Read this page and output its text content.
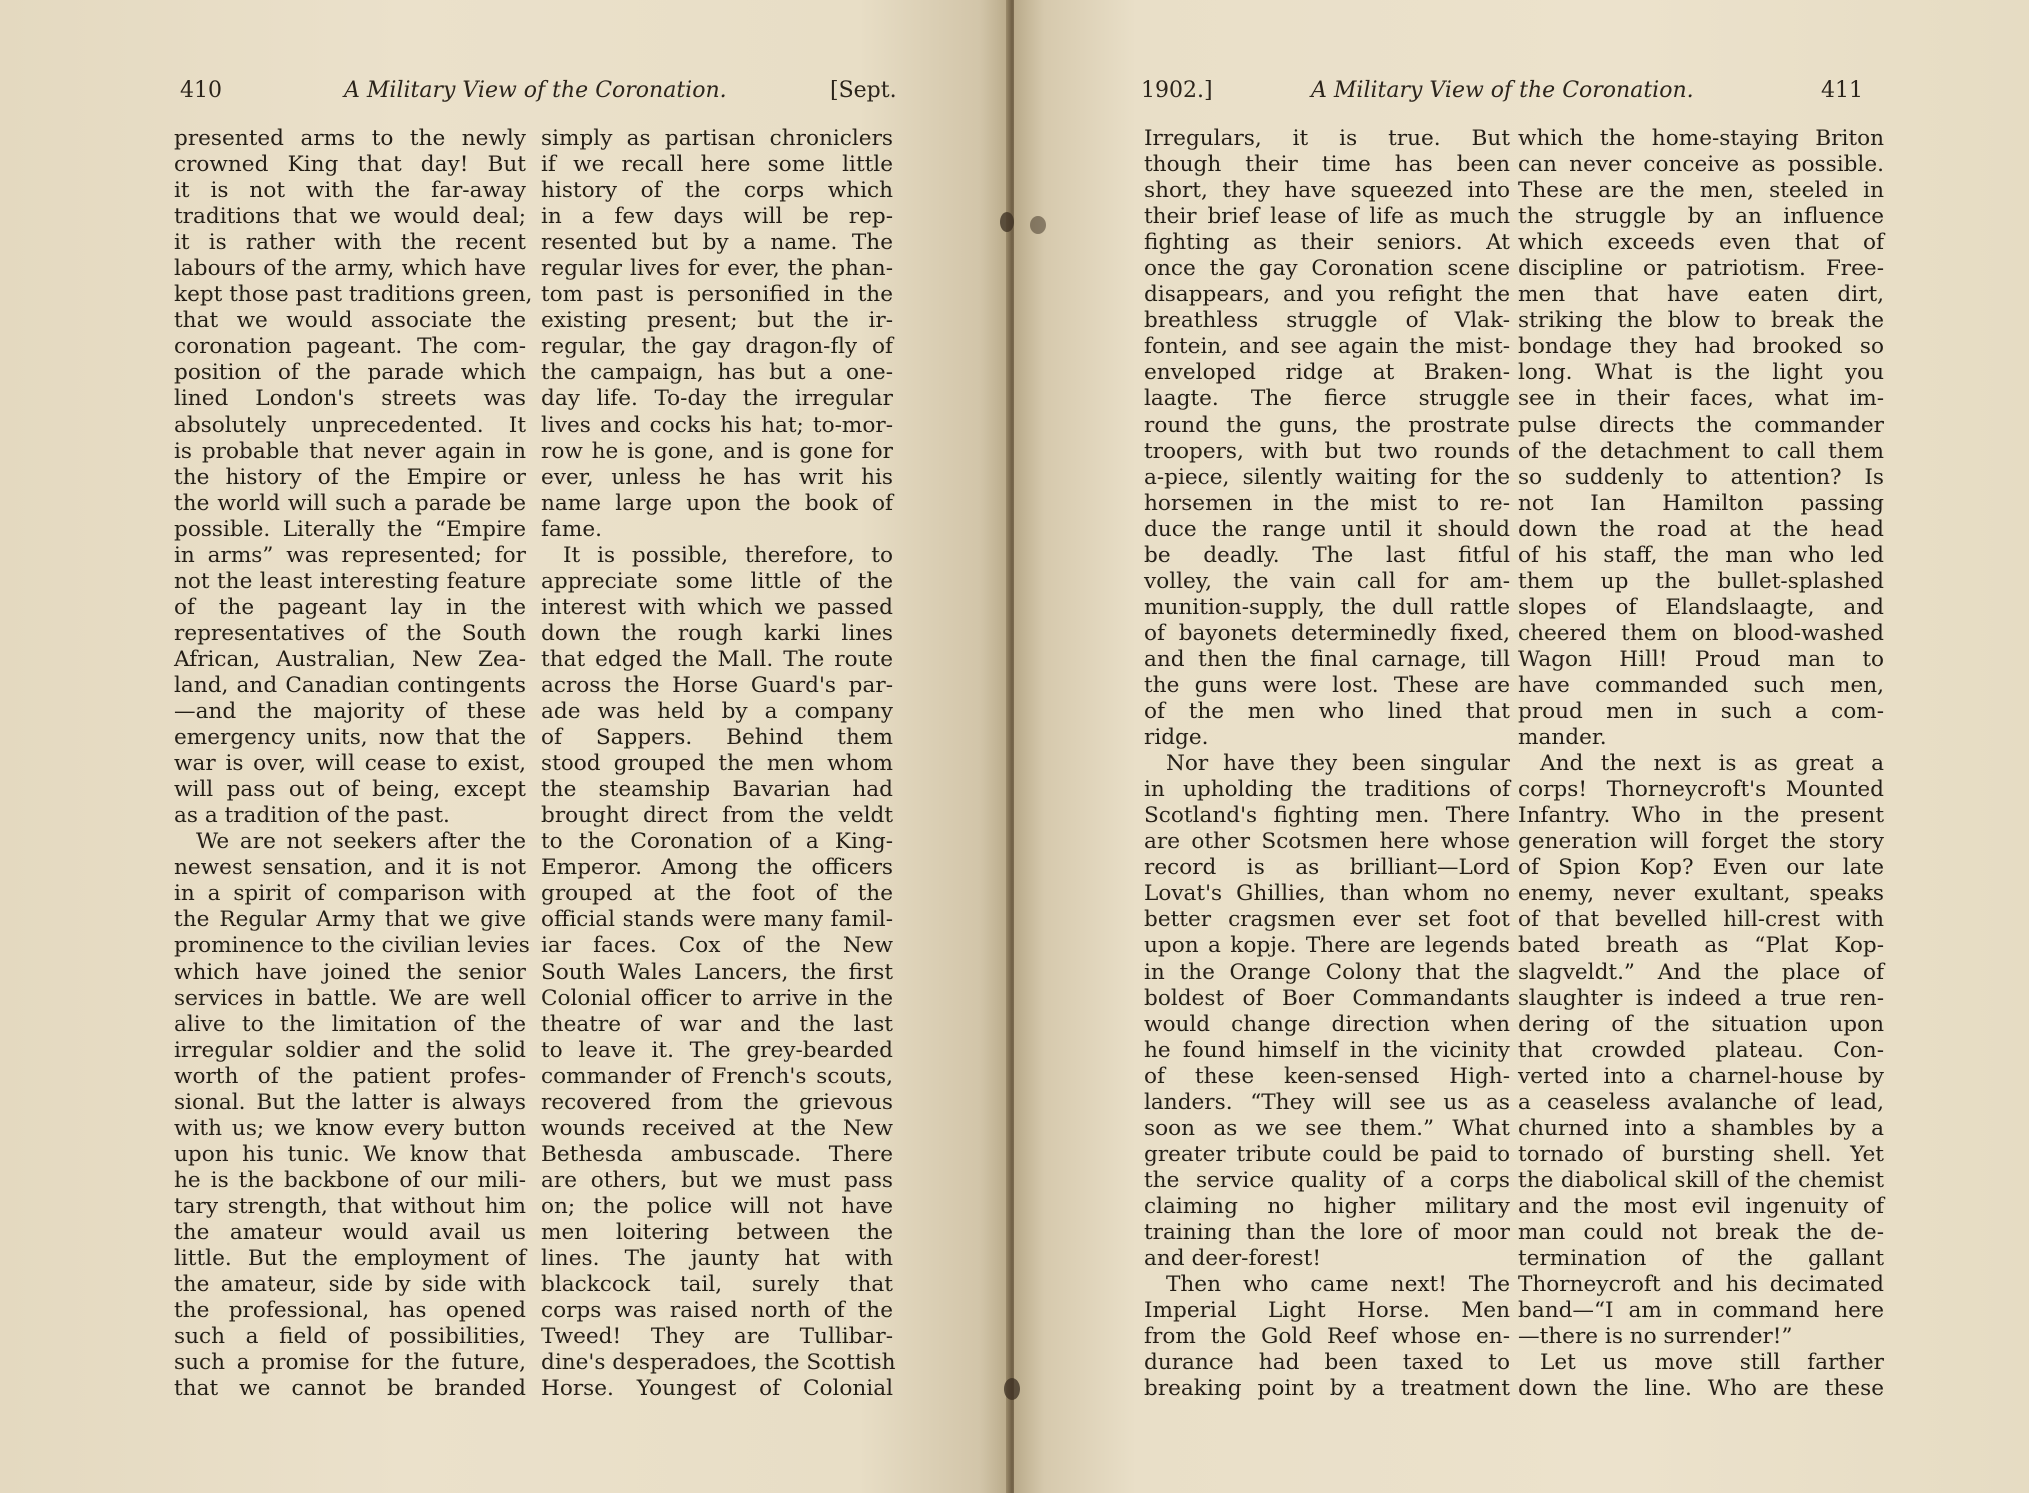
410	A Military View of the Coronation.	[Sept.
presented arms to the newly
crowned King that day! But
it is not with the far-away
traditions that we would deal;
it is rather with the recent
labours of the army, which have
kept those past traditions green,
that we would associate the
coronation pageant. The com-
position of the parade which
lined London's streets was
absolutely unprecedented. It
is probable that never again in
the history of the Empire or
the world will such a parade be
possible. Literally the “Empire
in arms” was represented; for
not the least interesting feature
of the pageant lay in the
representatives of the South
African, Australian, New Zea-
land, and Canadian contingents
—and the majority of these
emergency units, now that the
war is over, will cease to exist,
will pass out of being, except
as a tradition of the past.
We are not seekers after the
newest sensation, and it is not
in a spirit of comparison with
the Regular Army that we give
prominence to the civilian levies
which have joined the senior
services in battle. We are well
alive to the limitation of the
irregular soldier and the solid
worth of the patient profes-
sional. But the latter is always
with us; we know every button
upon his tunic. We know that
he is the backbone of our mili-
tary strength, that without him
the amateur would avail us
little. But the employment of
the amateur, side by side with
the professional, has opened
such a field of possibilities,
such a promise for the future,
that we cannot be branded
simply as partisan chroniclers
if we recall here some little
history of the corps which
in a few days will be rep-
resented but by a name. The
regular lives for ever, the phan-
tom past is personified in the
existing present; but the ir-
regular, the gay dragon-fly of
the campaign, has but a one-
day life. To-day the irregular
lives and cocks his hat; to-mor-
row he is gone, and is gone for
ever, unless he has writ his
name large upon the book of
fame.
It is possible, therefore, to
appreciate some little of the
interest with which we passed
down the rough karki lines
that edged the Mall. The route
across the Horse Guard's par-
ade was held by a company
of Sappers. Behind them
stood grouped the men whom
the steamship Bavarian had
brought direct from the veldt
to the Coronation of a King-
Emperor. Among the officers
grouped at the foot of the
official stands were many famil-
iar faces. Cox of the New
South Wales Lancers, the first
Colonial officer to arrive in the
theatre of war and the last
to leave it. The grey-bearded
commander of French's scouts,
recovered from the grievous
wounds received at the New
Bethesda ambuscade. There
are others, but we must pass
on; the police will not have
men loitering between the
lines. The jaunty hat with
blackcock tail, surely that
corps was raised north of the
Tweed! They are Tullibar-
dine's desperadoes, the Scottish
Horse. Youngest of Colonial
1902.]	A Military View of the Coronation.	411
Irregulars, it is true. But
though their time has been
short, they have squeezed into
their brief lease of life as much
fighting as their seniors. At
once the gay Coronation scene
disappears, and you refight the
breathless struggle of Vlak-
fontein, and see again the mist-
enveloped ridge at Braken-
laagte. The fierce struggle
round the guns, the prostrate
troopers, with but two rounds
a-piece, silently waiting for the
horsemen in the mist to re-
duce the range until it should
be deadly. The last fitful
volley, the vain call for am-
munition-supply, the dull rattle
of bayonets determinedly fixed,
and then the final carnage, till
the guns were lost. These are
of the men who lined that
ridge.
Nor have they been singular
in upholding the traditions of
Scotland's fighting men. There
are other Scotsmen here whose
record is as brilliant—Lord
Lovat's Ghillies, than whom no
better cragsmen ever set foot
upon a kopje. There are legends
in the Orange Colony that the
boldest of Boer Commandants
would change direction when
he found himself in the vicinity
of these keen-sensed High-
landers. “They will see us as
soon as we see them.” What
greater tribute could be paid to
the service quality of a corps
claiming no higher military
training than the lore of moor
and deer-forest!
Then who came next! The
Imperial Light Horse. Men
from the Gold Reef whose en-
durance had been taxed to
breaking point by a treatment
which the home-staying Briton
can never conceive as possible.
These are the men, steeled in
the struggle by an influence
which exceeds even that of
discipline or patriotism. Free-
men that have eaten dirt,
striking the blow to break the
bondage they had brooked so
long. What is the light you
see in their faces, what im-
pulse directs the commander
of the detachment to call them
so suddenly to attention? Is
not Ian Hamilton passing
down the road at the head
of his staff, the man who led
them up the bullet-splashed
slopes of Elandslaagte, and
cheered them on blood-washed
Wagon Hill! Proud man to
have commanded such men,
proud men in such a com-
mander.
And the next is as great a
corps! Thorneycroft's Mounted
Infantry. Who in the present
generation will forget the story
of Spion Kop? Even our late
enemy, never exultant, speaks
of that bevelled hill-crest with
bated breath as “Plat Kop-
slagveldt.” And the place of
slaughter is indeed a true ren-
dering of the situation upon
that crowded plateau. Con-
verted into a charnel-house by
a ceaseless avalanche of lead,
churned into a shambles by a
tornado of bursting shell. Yet
the diabolical skill of the chemist
and the most evil ingenuity of
man could not break the de-
termination of the gallant
Thorneycroft and his decimated
band—“I am in command here
—there is no surrender!”
Let us move still farther
down the line. Who are these
